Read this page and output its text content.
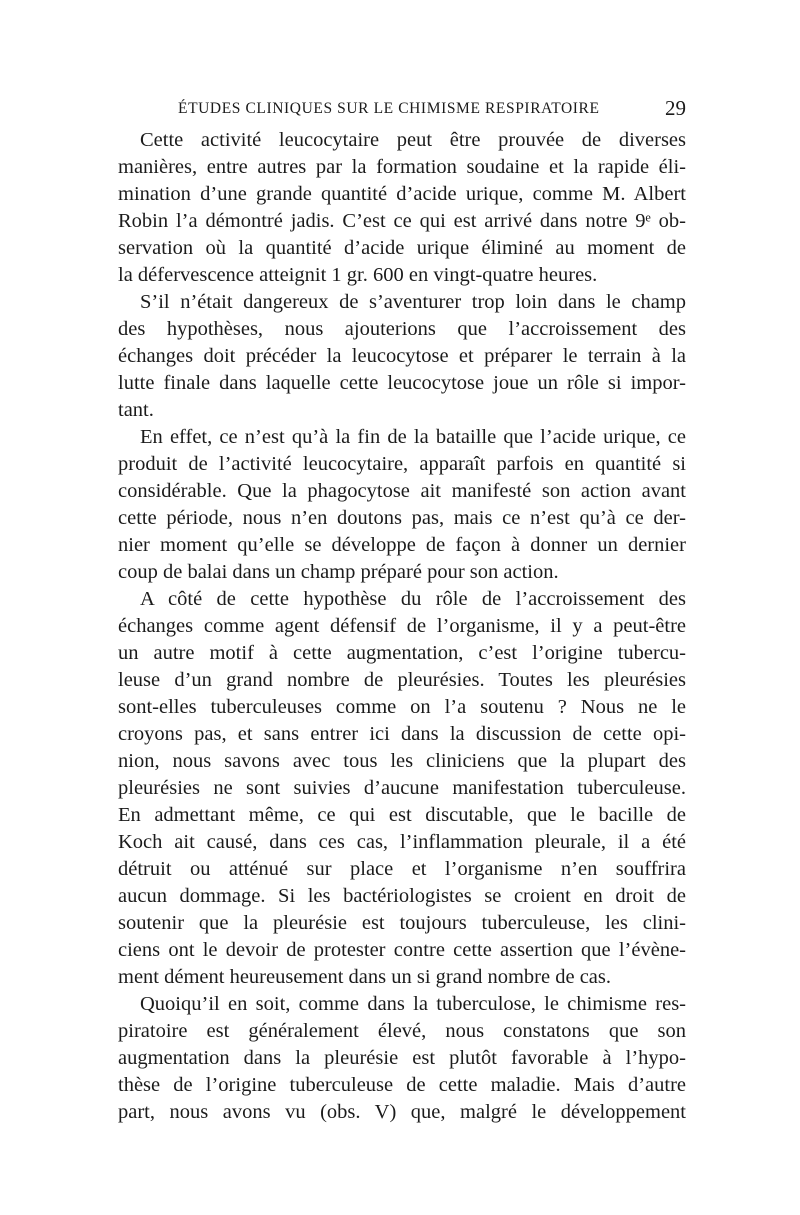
ÉTUDES CLINIQUES SUR LE CHIMISME RESPIRATOIRE	29
Cette activité leucocytaire peut être prouvée de diverses
manières, entre autres par la formation soudaine et la rapide éli-
mination d’une grande quantité d’acide urique, comme M. Albert
Robin l’a démontré jadis. C’est ce qui est arrivé dans notre 9ᵉ ob-
servation où la quantité d’acide urique éliminé au moment de
la défervescence atteignit 1 gr. 600 en vingt-quatre heures.
S’il n’était dangereux de s’aventurer trop loin dans le champ
des hypothèses, nous ajouterions que l’accroissement des
échanges doit précéder la leucocytose et préparer le terrain à la
lutte finale dans laquelle cette leucocytose joue un rôle si impor-
tant.
En effet, ce n’est qu’à la fin de la bataille que l’acide urique, ce
produit de l’activité leucocytaire, apparaît parfois en quantité si
considérable. Que la phagocytose ait manifesté son action avant
cette période, nous n’en doutons pas, mais ce n’est qu’à ce der-
nier moment qu’elle se développe de façon à donner un dernier
coup de balai dans un champ préparé pour son action.
A côté de cette hypothèse du rôle de l’accroissement des
échanges comme agent défensif de l’organisme, il y a peut-être
un autre motif à cette augmentation, c’est l’origine tubercu-
leuse d’un grand nombre de pleurésies. Toutes les pleurésies
sont-elles tuberculeuses comme on l’a soutenu ? Nous ne le
croyons pas, et sans entrer ici dans la discussion de cette opi-
nion, nous savons avec tous les cliniciens que la plupart des
pleurésies ne sont suivies d’aucune manifestation tuberculeuse.
En admettant même, ce qui est discutable, que le bacille de
Koch ait causé, dans ces cas, l’inflammation pleurale, il a été
détruit ou atténué sur place et l’organisme n’en souffrira
aucun dommage. Si les bactériologistes se croient en droit de
soutenir que la pleurésie est toujours tuberculeuse, les clini-
ciens ont le devoir de protester contre cette assertion que l’évène-
ment dément heureusement dans un si grand nombre de cas.
Quoiqu’il en soit, comme dans la tuberculose, le chimisme res-
piratoire est généralement élevé, nous constatons que son
augmentation dans la pleurésie est plutôt favorable à l’hypo-
thèse de l’origine tuberculeuse de cette maladie. Mais d’autre
part, nous avons vu (obs. V) que, malgré le développement
